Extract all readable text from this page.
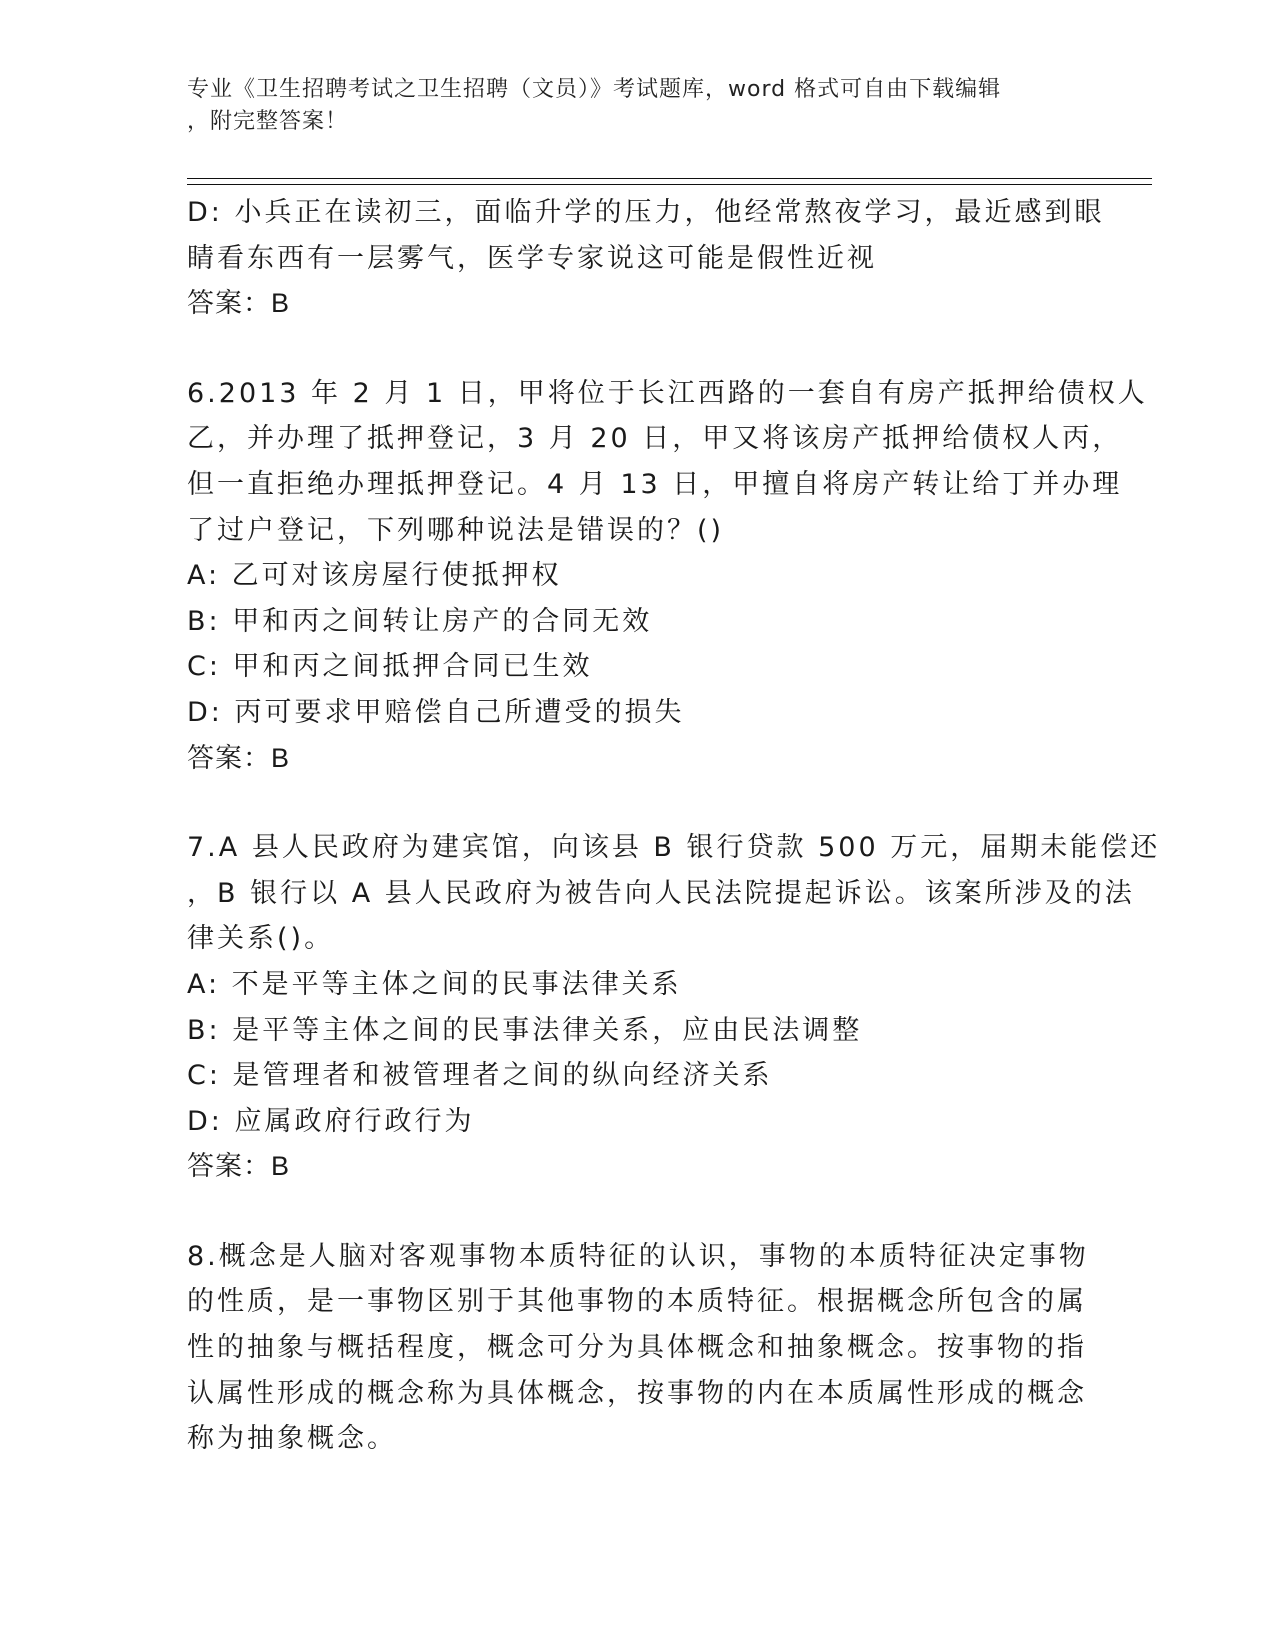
专业《卫生招聘考试之卫生招聘（文员）》考试题库，word 格式可自由下载编辑
，附完整答案！
D: 小兵正在读初三，面临升学的压力，他经常熬夜学习，最近感到眼
睛看东西有一层雾气，医学专家说这可能是假性近视
答案：B
6.2013 年 2 月 1 日，甲将位于长江西路的一套自有房产抵押给债权人
乙，并办理了抵押登记，3 月 20 日，甲又将该房产抵押给债权人丙，
但一直拒绝办理抵押登记。4 月 13 日，甲擅自将房产转让给丁并办理
了过户登记，下列哪种说法是错误的？()
A: 乙可对该房屋行使抵押权
B: 甲和丙之间转让房产的合同无效
C: 甲和丙之间抵押合同已生效
D: 丙可要求甲赔偿自己所遭受的损失
答案：B
7.A 县人民政府为建宾馆，向该县 B 银行贷款 500 万元，届期未能偿还
，B 银行以 A 县人民政府为被告向人民法院提起诉讼。该案所涉及的法
律关系()。
A: 不是平等主体之间的民事法律关系
B: 是平等主体之间的民事法律关系，应由民法调整
C: 是管理者和被管理者之间的纵向经济关系
D: 应属政府行政行为
答案：B
8.概念是人脑对客观事物本质特征的认识，事物的本质特征决定事物
的性质，是一事物区别于其他事物的本质特征。根据概念所包含的属
性的抽象与概括程度，概念可分为具体概念和抽象概念。按事物的指
认属性形成的概念称为具体概念，按事物的内在本质属性形成的概念
称为抽象概念。
